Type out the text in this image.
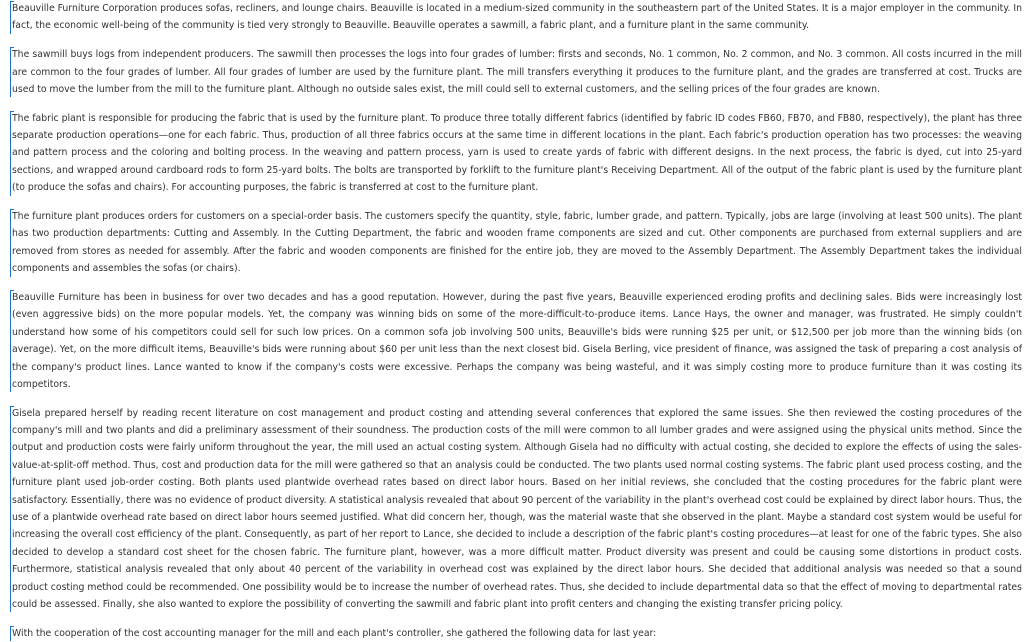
Beauville Furniture Corporation produces sofas, recliners, and lounge chairs. Beauville is located in a medium-sized community in the southeastern part of the United States. It is a major employer in the community. In fact, the economic well-being of the community is tied very strongly to Beauville. Beauville operates a sawmill, a fabric plant, and a furniture plant in the same community.

The sawmill buys logs from independent producers. The sawmill then processes the logs into four grades of lumber: firsts and seconds, No. 1 common, No. 2 common, and No. 3 common. All costs incurred in the mill are common to the four grades of lumber. All four grades of lumber are used by the furniture plant. The mill transfers everything it produces to the furniture plant, and the grades are transferred at cost. Trucks are used to move the lumber from the mill to the furniture plant. Although no outside sales exist, the mill could sell to external customers, and the selling prices of the four grades are known.

The fabric plant is responsible for producing the fabric that is used by the furniture plant. To produce three totally different fabrics (identified by fabric ID codes FB60, FB70, and FB80, respectively), the plant has three separate production operations—one for each fabric. Thus, production of all three fabrics occurs at the same time in different locations in the plant. Each fabric's production operation has two processes: the weaving and pattern process and the coloring and bolting process. In the weaving and pattern process, yarn is used to create yards of fabric with different designs. In the next process, the fabric is dyed, cut into 25-yard sections, and wrapped around cardboard rods to form 25-yard bolts. The bolts are transported by forklift to the furniture plant's Receiving Department. All of the output of the fabric plant is used by the furniture plant (to produce the sofas and chairs). For accounting purposes, the fabric is transferred at cost to the furniture plant.

The furniture plant produces orders for customers on a special-order basis. The customers specify the quantity, style, fabric, lumber grade, and pattern. Typically, jobs are large (involving at least 500 units). The plant has two production departments: Cutting and Assembly. In the Cutting Department, the fabric and wooden frame components are sized and cut. Other components are purchased from external suppliers and are removed from stores as needed for assembly. After the fabric and wooden components are finished for the entire job, they are moved to the Assembly Department. The Assembly Department takes the individual components and assembles the sofas (or chairs).

Beauville Furniture has been in business for over two decades and has a good reputation. However, during the past five years, Beauville experienced eroding profits and declining sales. Bids were increasingly lost (even aggressive bids) on the more popular models. Yet, the company was winning bids on some of the more-difficult-to-produce items. Lance Hays, the owner and manager, was frustrated. He simply couldn't understand how some of his competitors could sell for such low prices. On a common sofa job involving 500 units, Beauville's bids were running $25 per unit, or $12,500 per job more than the winning bids (on average). Yet, on the more difficult items, Beauville's bids were running about $60 per unit less than the next closest bid. Gisela Berling, vice president of finance, was assigned the task of preparing a cost analysis of the company's product lines. Lance wanted to know if the company's costs were excessive. Perhaps the company was being wasteful, and it was simply costing more to produce furniture than it was costing its competitors.

Gisela prepared herself by reading recent literature on cost management and product costing and attending several conferences that explored the same issues. She then reviewed the costing procedures of the company's mill and two plants and did a preliminary assessment of their soundness. The production costs of the mill were common to all lumber grades and were assigned using the physical units method. Since the output and production costs were fairly uniform throughout the year, the mill used an actual costing system. Although Gisela had no difficulty with actual costing, she decided to explore the effects of using the sales-value-at-split-off method. Thus, cost and production data for the mill were gathered so that an analysis could be conducted. The two plants used normal costing systems. The fabric plant used process costing, and the furniture plant used job-order costing. Both plants used plantwide overhead rates based on direct labor hours. Based on her initial reviews, she concluded that the costing procedures for the fabric plant were satisfactory. Essentially, there was no evidence of product diversity. A statistical analysis revealed that about 90 percent of the variability in the plant's overhead cost could be explained by direct labor hours. Thus, the use of a plantwide overhead rate based on direct labor hours seemed justified. What did concern her, though, was the material waste that she observed in the plant. Maybe a standard cost system would be useful for increasing the overall cost efficiency of the plant. Consequently, as part of her report to Lance, she decided to include a description of the fabric plant's costing procedures—at least for one of the fabric types. She also decided to develop a standard cost sheet for the chosen fabric. The furniture plant, however, was a more difficult matter. Product diversity was present and could be causing some distortions in product costs. Furthermore, statistical analysis revealed that only about 40 percent of the variability in overhead cost was explained by the direct labor hours. She decided that additional analysis was needed so that a sound product costing method could be recommended. One possibility would be to increase the number of overhead rates. Thus, she decided to include departmental data so that the effect of moving to departmental rates could be assessed. Finally, she also wanted to explore the possibility of converting the sawmill and fabric plant into profit centers and changing the existing transfer pricing policy.

With the cooperation of the cost accounting manager for the mill and each plant's controller, she gathered the following data for last year:
